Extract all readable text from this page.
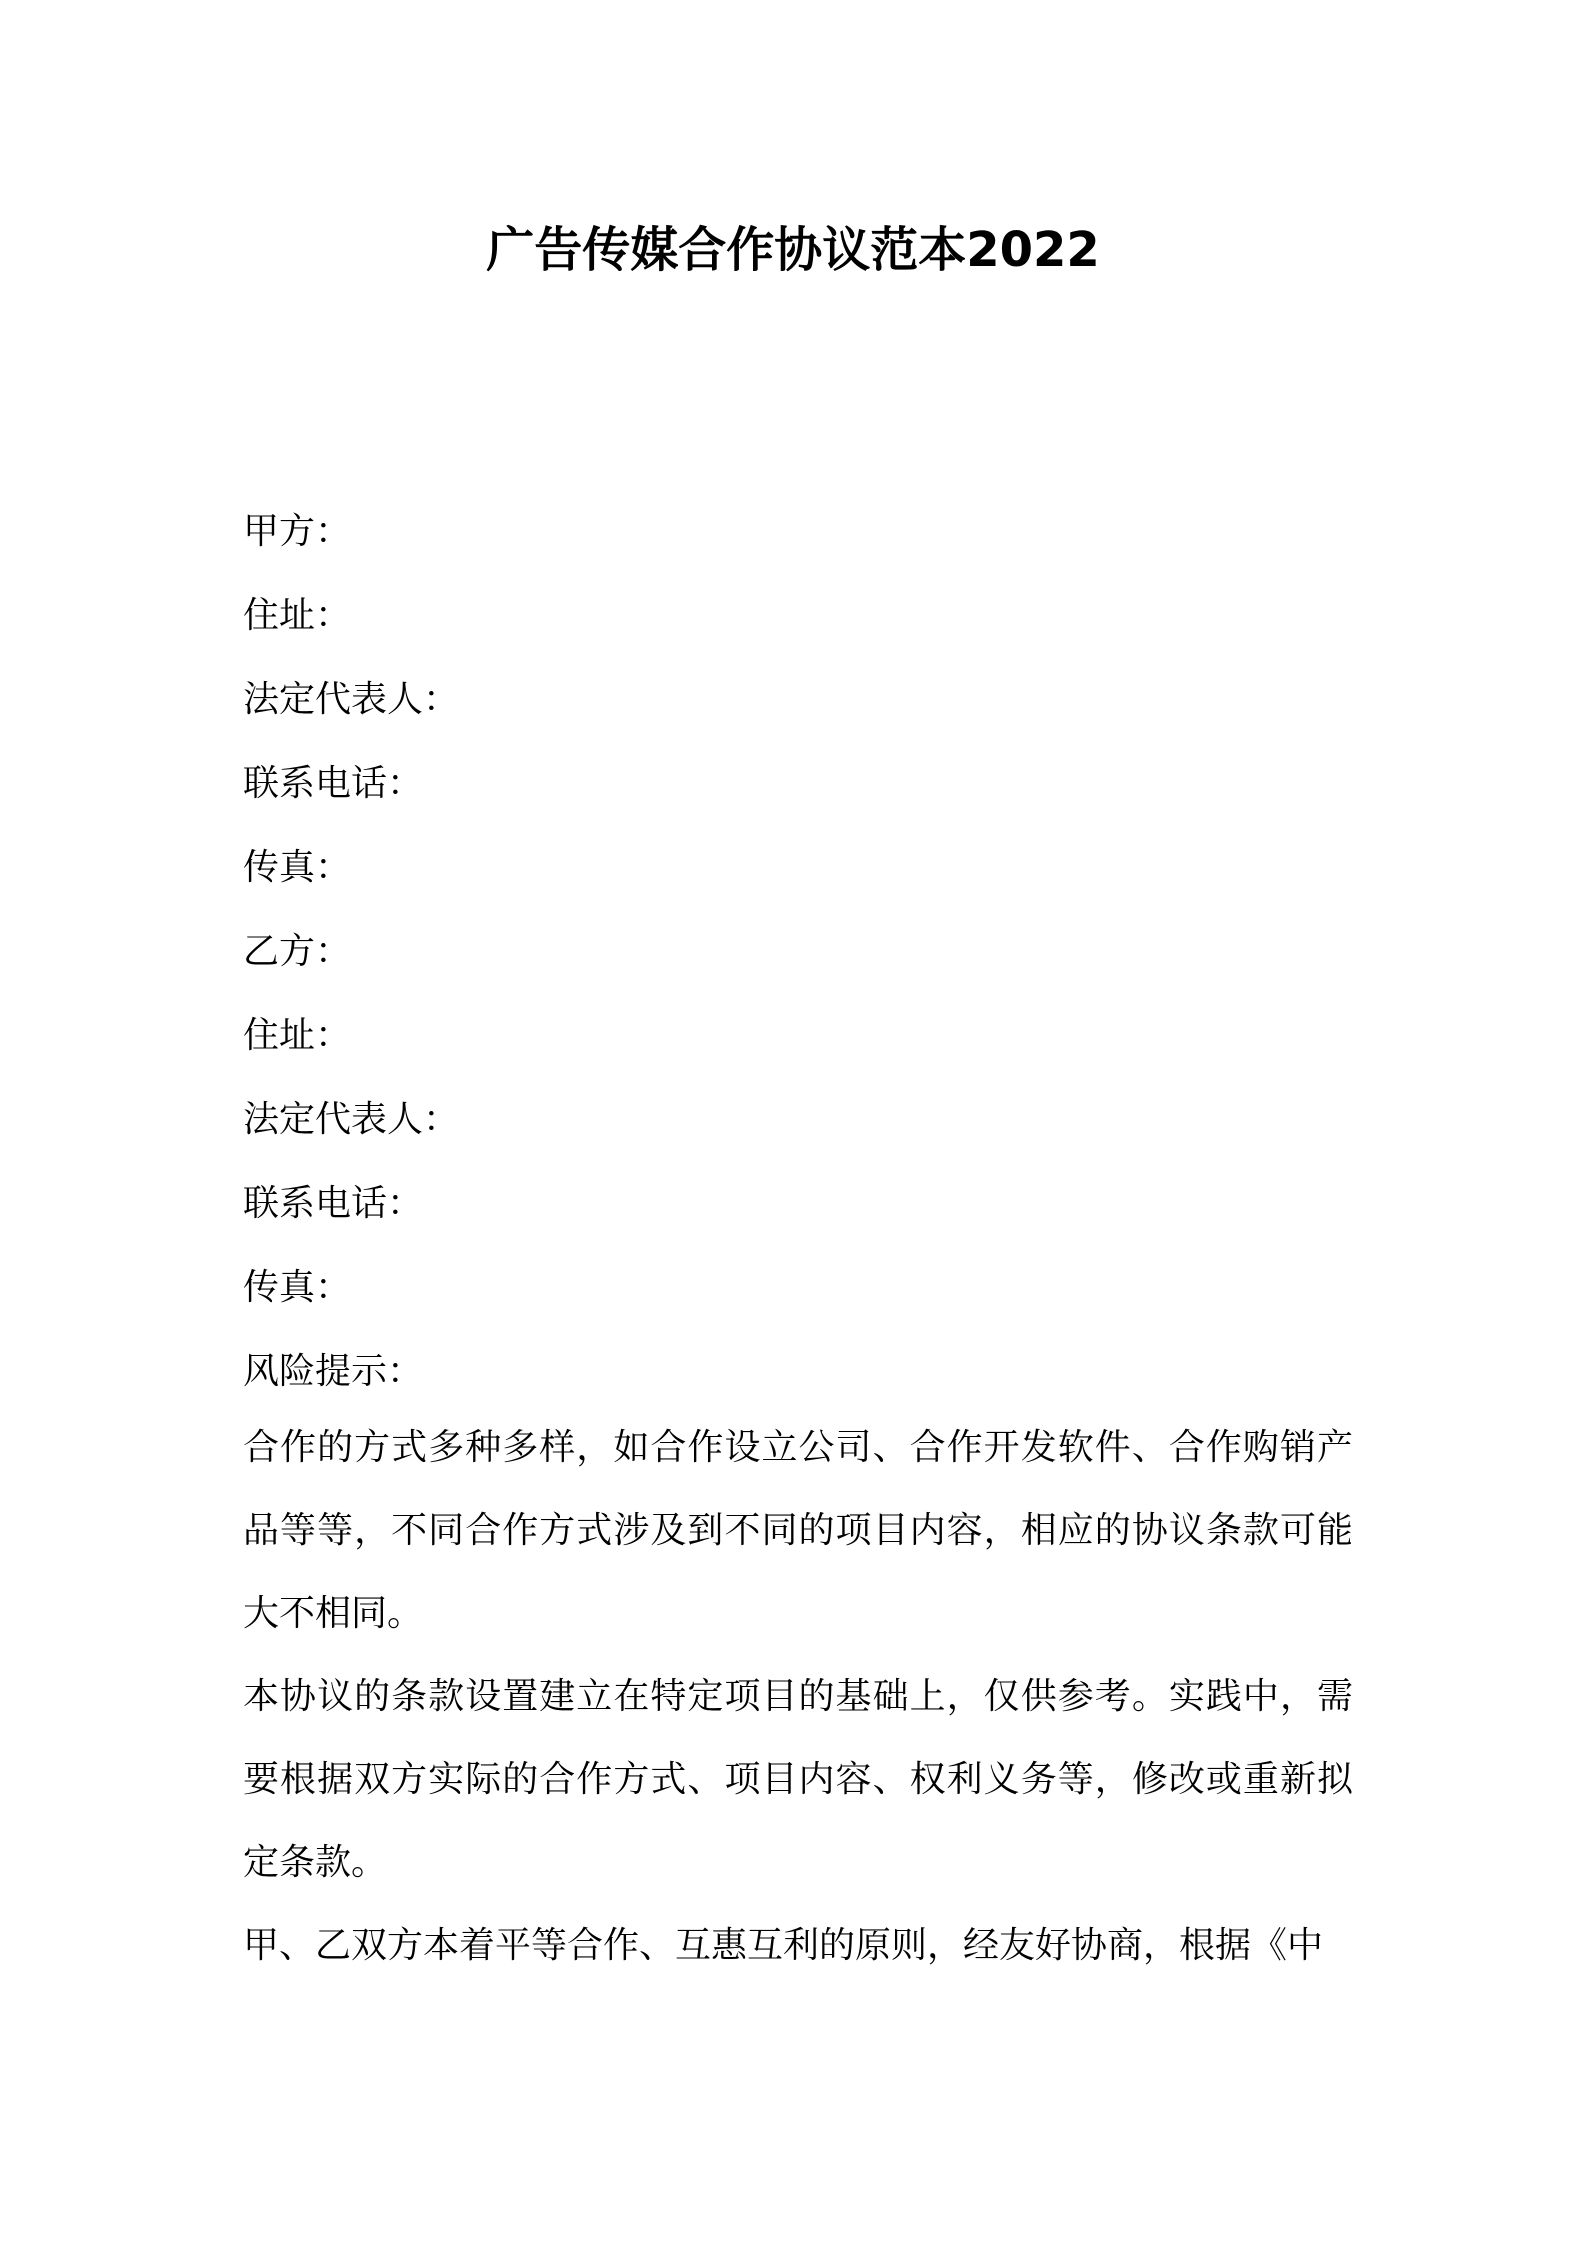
广告传媒合作协议范本2022
甲方：
住址：
法定代表人：
联系电话：
传真：
乙方：
住址：
法定代表人：
联系电话：
传真：
风险提示：

合作的方式多种多样，如合作设立公司、合作开发软件、合作购销产品等等，不同合作方式涉及到不同的项目内容，相应的协议条款可能大不相同。

本协议的条款设置建立在特定项目的基础上，仅供参考。实践中，需要根据双方实际的合作方式、项目内容、权利义务等，修改或重新拟定条款。

甲、乙双方本着平等合作、互惠互利的原则，经友好协商，根据《中
